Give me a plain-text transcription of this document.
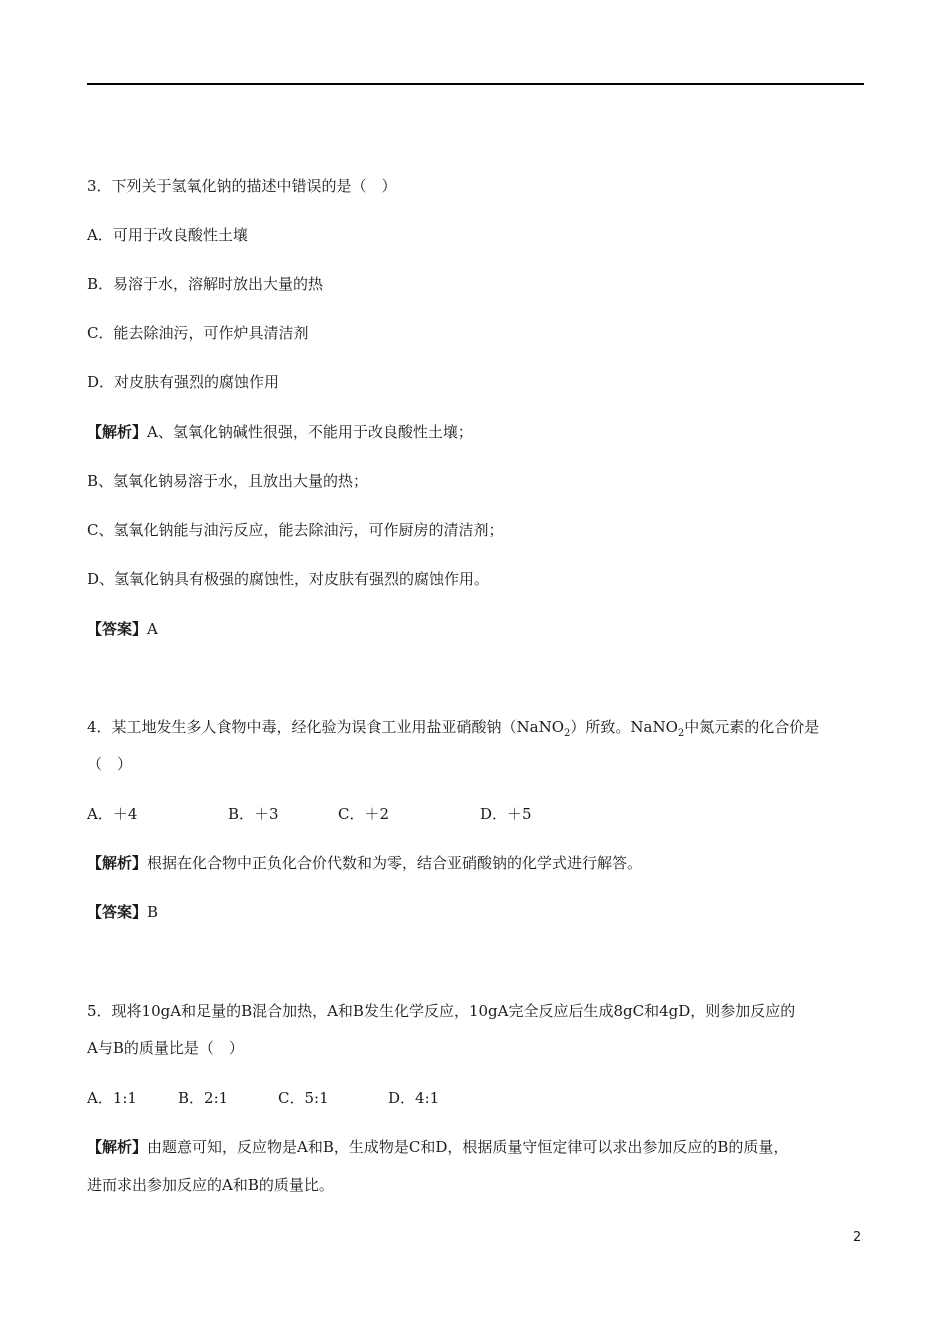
3．下列关于氢氧化钠的描述中错误的是（　）
A．可用于改良酸性土壤
B．易溶于水，溶解时放出大量的热
C．能去除油污，可作炉具清洁剂
D．对皮肤有强烈的腐蚀作用
【解析】A、氢氧化钠碱性很强，不能用于改良酸性土壤；
B、氢氧化钠易溶于水，且放出大量的热；
C、氢氧化钠能与油污反应，能去除油污，可作厨房的清洁剂；
D、氢氧化钠具有极强的腐蚀性，对皮肤有强烈的腐蚀作用。
【答案】A
4．某工地发生多人食物中毒，经化验为误食工业用盐亚硝酸钠（NaNO$_2$）所致。NaNO$_2$中氮元素的化合价是
（　）
A．＋4	B．＋3	C．＋2	D．＋5
【解析】根据在化合物中正负化合价代数和为零，结合亚硝酸钠的化学式进行解答。
【答案】B
5．现将10gA和足量的B混合加热，A和B发生化学反应，10gA完全反应后生成8gC和4gD，则参加反应的
A与B的质量比是（　）
A．1:1	B．2:1	C．5:1	D．4:1
【解析】由题意可知，反应物是A和B，生成物是C和D，根据质量守恒定律可以求出参加反应的B的质量，
进而求出参加反应的A和B的质量比。
2
